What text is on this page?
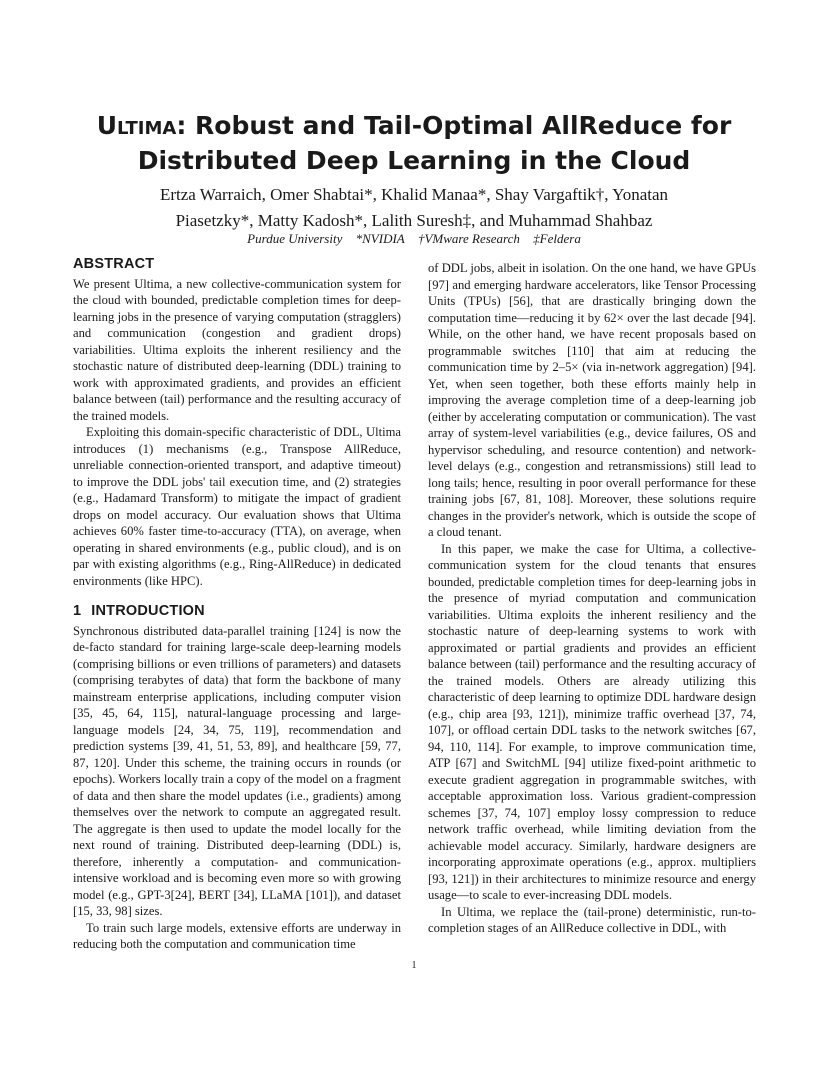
Ultima: Robust and Tail-Optimal AllReduce for
Distributed Deep Learning in the Cloud
Ertza Warraich, Omer Shabtai*, Khalid Manaa*, Shay Vargaftik†, Yonatan
Piasetzky*, Matty Kadosh*, Lalith Suresh‡, and Muhammad Shahbaz
Purdue University *NVIDIA †VMware Research ‡Feldera
ABSTRACT

We present Ultima, a new collective-communication system for the cloud with bounded, predictable completion times for deep-learning jobs in the presence of varying computation (stragglers) and communication (congestion and gradient drops) variabilities. Ultima exploits the inherent resiliency and the stochastic nature of distributed deep-learning (DDL) training to work with approximated gradients, and provides an efficient balance between (tail) performance and the resulting accuracy of the trained models.

Exploiting this domain-specific characteristic of DDL, Ultima introduces (1) mechanisms (e.g., Transpose AllReduce, unreliable connection-oriented transport, and adaptive timeout) to improve the DDL jobs' tail execution time, and (2) strategies (e.g., Hadamard Transform) to mitigate the impact of gradient drops on model accuracy. Our evaluation shows that Ultima achieves 60% faster time-to-accuracy (TTA), on average, when operating in shared environments (e.g., public cloud), and is on par with existing algorithms (e.g., Ring-AllReduce) in dedicated environments (like HPC).

1 INTRODUCTION

Synchronous distributed data-parallel training [124] is now the de-facto standard for training large-scale deep-learning models (comprising billions or even trillions of parameters) and datasets (comprising terabytes of data) that form the backbone of many mainstream enterprise applications, including computer vision [35, 45, 64, 115], natural-language processing and large-language models [24, 34, 75, 119], recommendation and prediction systems [39, 41, 51, 53, 89], and healthcare [59, 77, 87, 120]. Under this scheme, the training occurs in rounds (or epochs). Workers locally train a copy of the model on a fragment of data and then share the model updates (i.e., gradients) among themselves over the network to compute an aggregated result. The aggregate is then used to update the model locally for the next round of training. Distributed deep-learning (DDL) is, therefore, inherently a computation- and communication-intensive workload and is becoming even more so with growing model (e.g., GPT-3[24], BERT [34], LLaMA [101]), and dataset [15, 33, 98] sizes.

To train such large models, extensive efforts are underway in reducing both the computation and communication time

of DDL jobs, albeit in isolation. On the one hand, we have GPUs [97] and emerging hardware accelerators, like Tensor Processing Units (TPUs) [56], that are drastically bringing down the computation time—reducing it by 62× over the last decade [94]. While, on the other hand, we have recent proposals based on programmable switches [110] that aim at reducing the communication time by 2–5× (via in-network aggregation) [94]. Yet, when seen together, both these efforts mainly help in improving the average completion time of a deep-learning job (either by accelerating computation or communication). The vast array of system-level variabilities (e.g., device failures, OS and hypervisor scheduling, and resource contention) and network-level delays (e.g., congestion and retransmissions) still lead to long tails; hence, resulting in poor overall performance for these training jobs [67, 81, 108]. Moreover, these solutions require changes in the provider's network, which is outside the scope of a cloud tenant.

In this paper, we make the case for Ultima, a collective-communication system for the cloud tenants that ensures bounded, predictable completion times for deep-learning jobs in the presence of myriad computation and communication variabilities. Ultima exploits the inherent resiliency and the stochastic nature of deep-learning systems to work with approximated or partial gradients and provides an efficient balance between (tail) performance and the resulting accuracy of the trained models. Others are already utilizing this characteristic of deep learning to optimize DDL hardware design (e.g., chip area [93, 121]), minimize traffic overhead [37, 74, 107], or offload certain DDL tasks to the network switches [67, 94, 110, 114]. For example, to improve communication time, ATP [67] and SwitchML [94] utilize fixed-point arithmetic to execute gradient aggregation in programmable switches, with acceptable approximation loss. Various gradient-compression schemes [37, 74, 107] employ lossy compression to reduce network traffic overhead, while limiting deviation from the achievable model accuracy. Similarly, hardware designers are incorporating approximate operations (e.g., approx. multipliers [93, 121]) in their architectures to minimize resource and energy usage—to scale to ever-increasing DDL models.

In Ultima, we replace the (tail-prone) deterministic, run-to-completion stages of an AllReduce collective in DDL, with

1
